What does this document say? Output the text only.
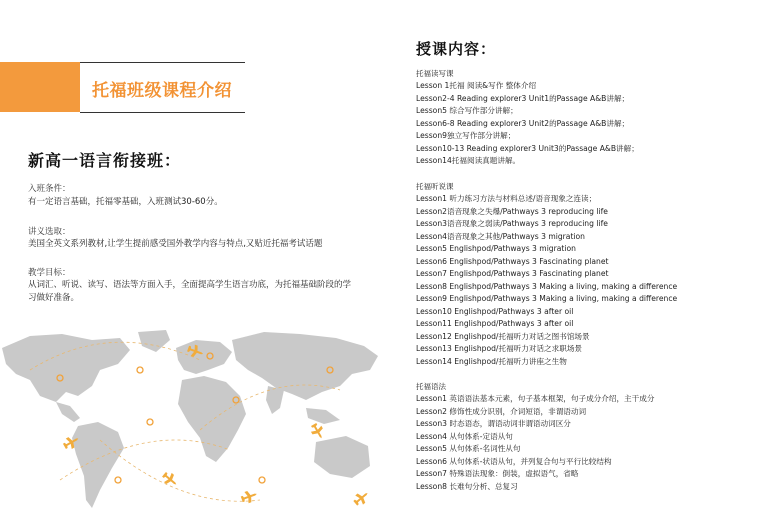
托福班级课程介绍
新高一语言衔接班：
入班条件：
有一定语言基础，托福零基础，入班测试30-60分。
讲义选取：
美国全英文系列教材,让学生提前感受国外教学内容与特点,又贴近托福考试话题
教学目标：
从词汇、听说、读写、语法等方面入手，全面提高学生语言功底，为托福基础阶段的学习做好准备。
授课内容：
托福读写课
Lesson 1托福 阅读&写作 整体介绍
Lesson2-4 Reading explorer3 Unit1的Passage A&B讲解；
Lesson5 综合写作部分讲解；
Lesson6-8 Reading explorer3 Unit2的Passage A&B讲解；
Lesson9独立写作部分讲解；
Lesson10-13 Reading explorer3 Unit3的Passage A&B讲解；
Lesson14托福阅读真题讲解。
托福听说课
Lesson1 听力练习方法与材料总述/语音现象之连读；
Lesson2语音现象之失爆/Pathways 3 reproducing life
Lesson3语音现象之弱读/Pathways 3 reproducing life
Lesson4语音现象之其他/Pathways 3 migration
Lesson5 Englishpod/Pathways 3 migration
Lesson6 Englishpod/Pathways 3 Fascinating planet
Lesson7 Englishpod/Pathways 3 Fascinating planet
Lesson8 Englishpod/Pathways 3 Making a living, making a difference
Lesson9 Englishpod/Pathways 3 Making a living, making a difference
Lesson10 Englishpod/Pathways 3 after oil
Lesson11 Englishpod/Pathways 3 after oil
Lesson12 Englishpod/托福听力对话之图书馆场景
Lesson13 Englishpod/托福听力对话之求职场景
Lesson14 Englishpod/托福听力讲座之生物
托福语法
Lesson1 英语语法基本元素，句子基本框架，句子成分介绍，主干成分
Lesson2 修饰性成分识别，介词短语，非谓语动词
Lesson3 时态语态，谓语动词非谓语动词区分
Lesson4 从句体系-定语从句
Lesson5 从句体系-名词性从句
Lesson6 从句体系-状语从句，并列复合句与平行比较结构
Lesson7 特殊语法现象：倒装，虚拟语气，省略
Lesson8 长难句分析、总复习
